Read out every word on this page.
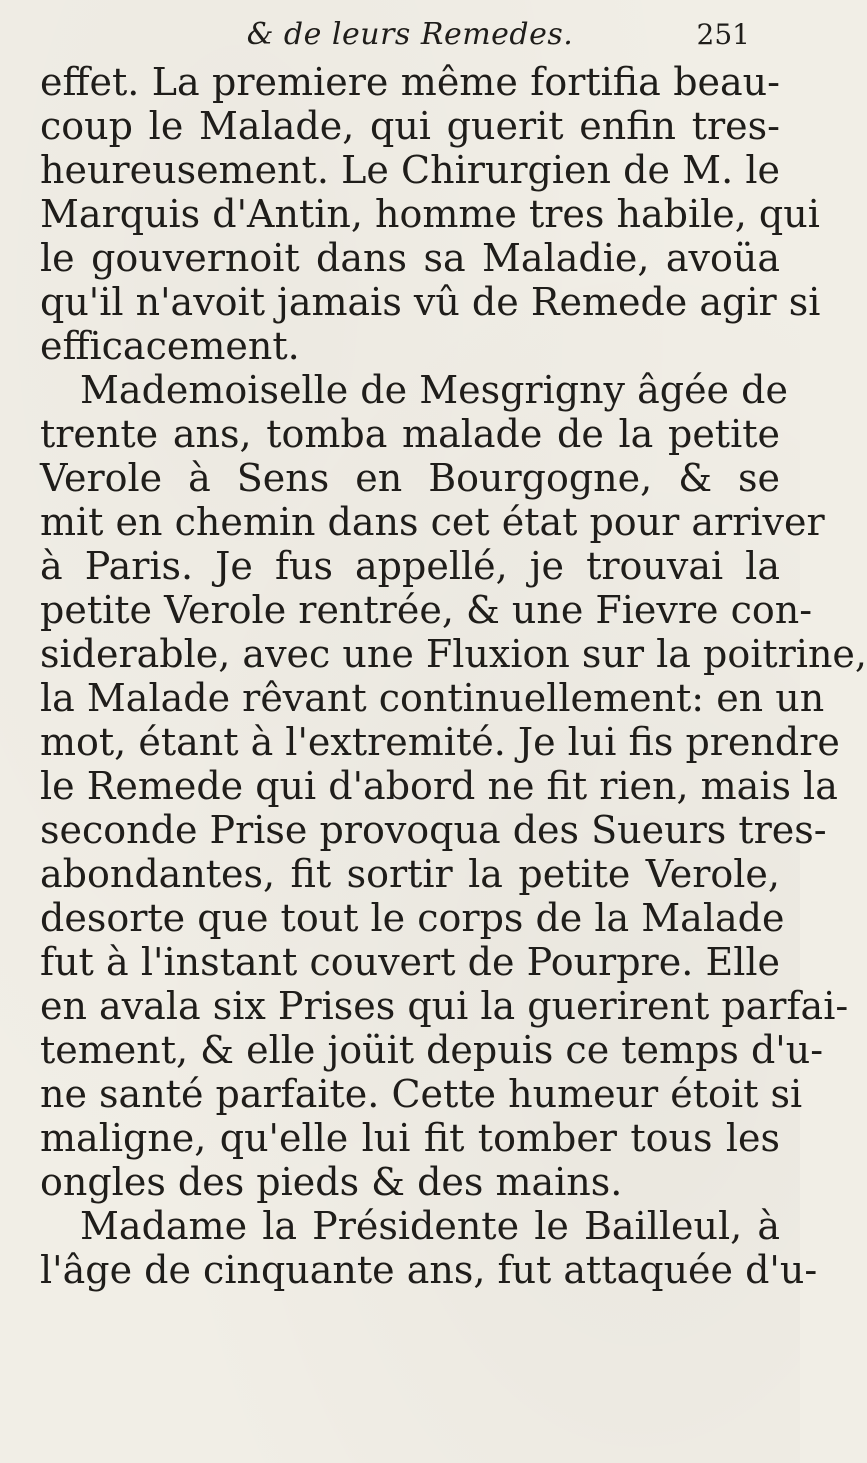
& de leurs Remedes.	251
effet. La premiere même fortifia beau-
coup le Malade, qui guerit enfin tres-
heureusement. Le Chirurgien de M. le
Marquis d'Antin, homme tres habile, qui
le gouvernoit dans sa Maladie, avoüa
qu'il n'avoit jamais vû de Remede agir si
efficacement.
Mademoiselle de Mesgrigny âgée de
trente ans, tomba malade de la petite
Verole à Sens en Bourgogne, & se
mit en chemin dans cet état pour arriver
à Paris. Je fus appellé, je trouvai la
petite Verole rentrée, & une Fievre con-
siderable, avec une Fluxion sur la poitrine,
la Malade rêvant continuellement: en un
mot, étant à l'extremité. Je lui fis prendre
le Remede qui d'abord ne fit rien, mais la
seconde Prise provoqua des Sueurs tres-
abondantes, fit sortir la petite Verole,
desorte que tout le corps de la Malade
fut à l'instant couvert de Pourpre. Elle
en avala six Prises qui la guerirent parfai-
tement, & elle joüit depuis ce temps d'u-
ne santé parfaite. Cette humeur étoit si
maligne, qu'elle lui fit tomber tous les
ongles des pieds & des mains.
Madame la Présidente le Bailleul, à
l'âge de cinquante ans, fut attaquée d'u-
